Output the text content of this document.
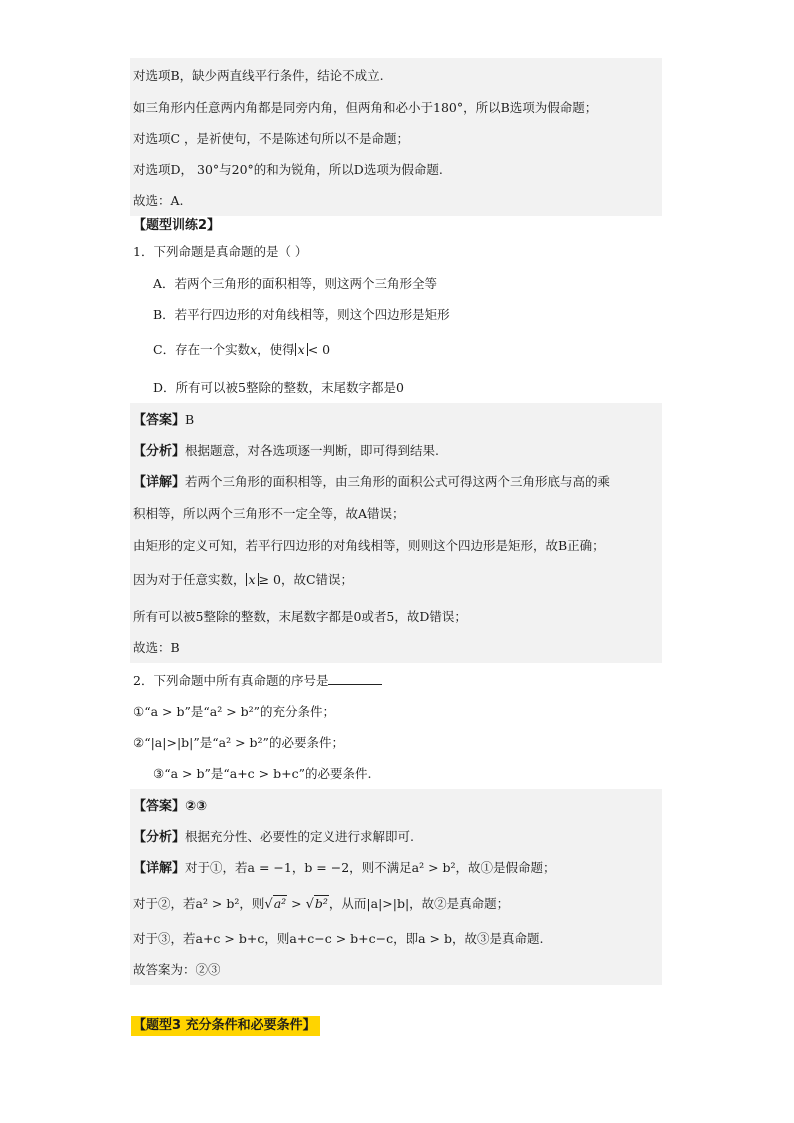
对选项B，缺少两直线平行条件，结论不成立.
如三角形内任意两内角都是同旁内角，但两角和必小于180°，所以B选项为假命题；
对选项C ，是祈使句，不是陈述句所以不是命题；
对选项D， 30°与20°的和为锐角，所以D选项为假命题.
故选：A.
【题型训练2】
1．下列命题是真命题的是（ ）
A．若两个三角形的面积相等，则这两个三角形全等
B．若平行四边形的对角线相等，则这个四边形是矩形
C．存在一个实数x，使得 x < 0
D．所有可以被5整除的整数，末尾数字都是0
【答案】B
【分析】根据题意，对各选项逐一判断，即可得到结果.
【详解】若两个三角形的面积相等，由三角形的面积公式可得这两个三角形底与高的乘
积相等，所以两个三角形不一定全等，故A错误；
由矩形的定义可知，若平行四边形的对角线相等，则则这个四边形是矩形，故B正确；
因为对于任意实数， x ≥ 0，故C错误；
所有可以被5整除的整数，末尾数字都是0或者5，故D错误；
故选：B
2．下列命题中所有真命题的序号是
①“a > b”是“a² > b²”的充分条件；
②“|a|>|b|”是“a² > b²”的必要条件；
③“a > b”是“a+c > b+c”的必要条件.
【答案】②③
【分析】根据充分性、必要性的定义进行求解即可.
【详解】对于①，若a = −1，b = −2，则不满足a² > b²，故①是假命题；
对于②，若a² > b²，则√a² > √b²，从而|a|>|b|，故②是真命题；
对于③，若a+c > b+c，则a+c−c > b+c−c，即a > b，故③是真命题.
故答案为：②③
【题型3 充分条件和必要条件】
